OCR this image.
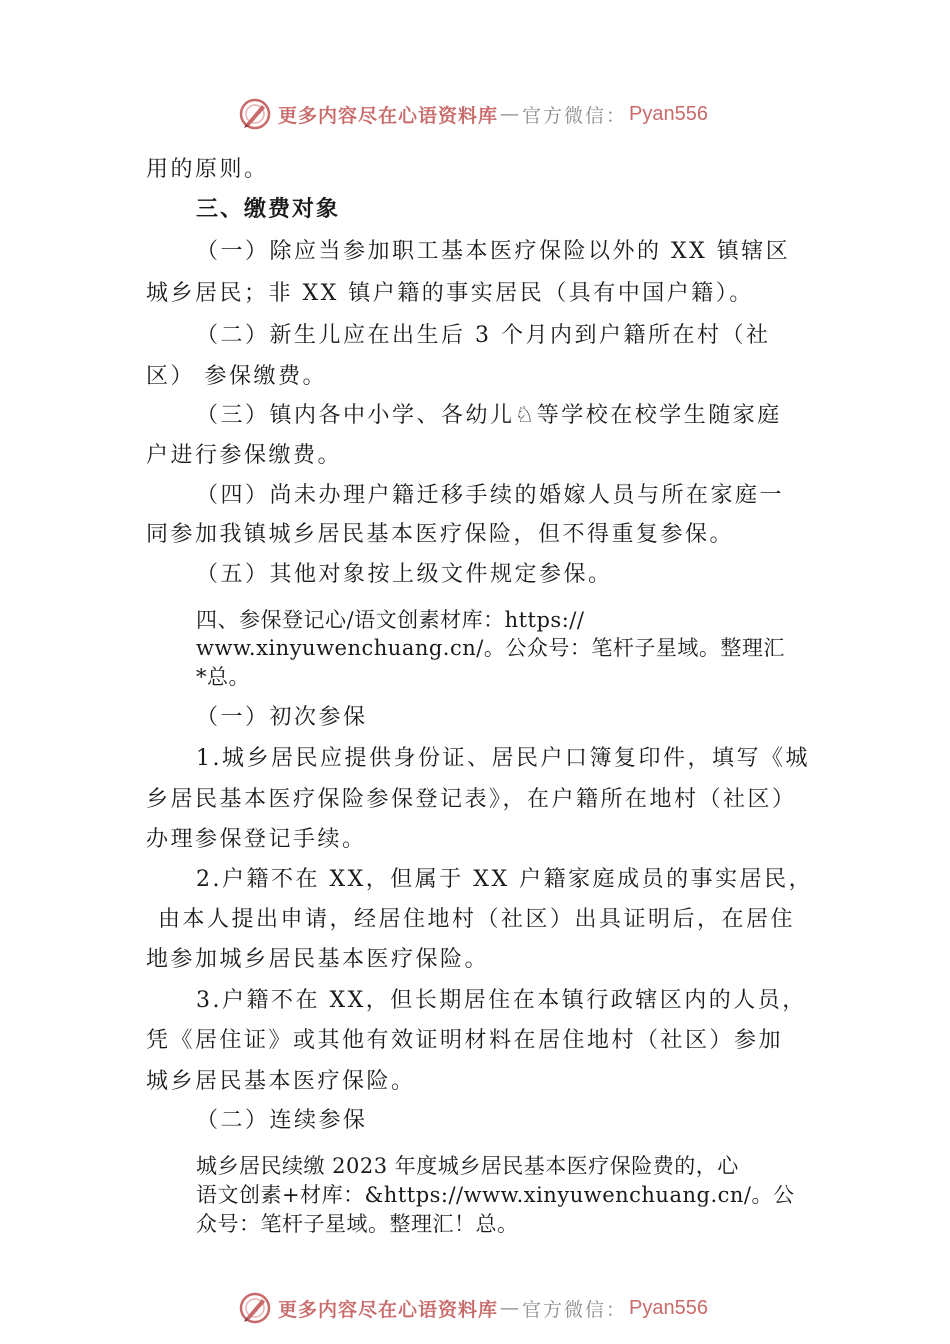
更多内容尽在心语资料库 — 官方微信： Pyan556
用的原则。
三、缴费对象
（一）除应当参加职工基本医疗保险以外的 XX 镇辖区
城乡居民；非 XX 镇户籍的事实居民（具有中国户籍）。
（二）新生儿应在出生后 3 个月内到户籍所在村（社
区） 参保缴费。
（三）镇内各中小学、各幼儿♘等学校在校学生随家庭
户进行参保缴费。
（四）尚未办理户籍迁移手续的婚嫁人员与所在家庭一
同参加我镇城乡居民基本医疗保险，但不得重复参保。
（五）其他对象按上级文件规定参保。
四、参保登记心/语文创素材库：https://
www.xinyuwenchuang.cn/。公众号：笔杆子星域。整理汇
*总。
（一）初次参保
1.城乡居民应提供身份证、居民户口簿复印件，填写《城
乡居民基本医疗保险参保登记表》，在户籍所在地村（社区）
办理参保登记手续。
2.户籍不在 XX，但属于 XX 户籍家庭成员的事实居民，
由本人提出申请，经居住地村（社区）出具证明后，在居住
地参加城乡居民基本医疗保险。
3.户籍不在 XX，但长期居住在本镇行政辖区内的人员，
凭《居住证》或其他有效证明材料在居住地村（社区）参加
城乡居民基本医疗保险。
（二）连续参保
城乡居民续缴 2023 年度城乡居民基本医疗保险费的，心
语文创素+材库：&https://www.xinyuwenchuang.cn/。公
众号：笔杆子星域。整理汇！总。
更多内容尽在心语资料库 — 官方微信： Pyan556
